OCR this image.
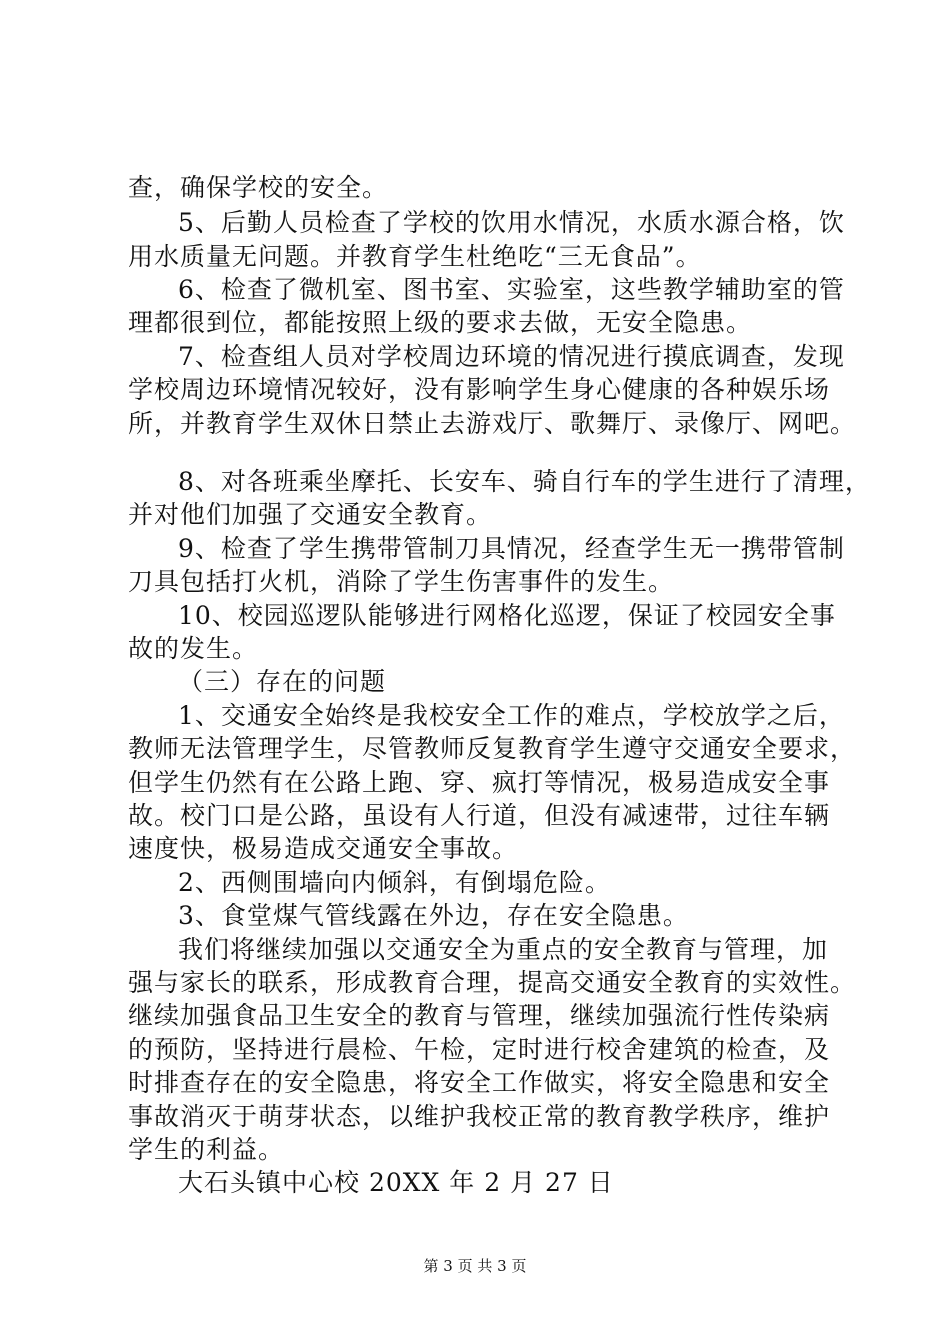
查，确保学校的安全。
5、后勤人员检查了学校的饮用水情况，水质水源合格，饮
用水质量无问题。并教育学生杜绝吃“三无食品”。
6、检查了微机室、图书室、实验室，这些教学辅助室的管
理都很到位，都能按照上级的要求去做，无安全隐患。
7、检查组人员对学校周边环境的情况进行摸底调查，发现
学校周边环境情况较好，没有影响学生身心健康的各种娱乐场
所，并教育学生双休日禁止去游戏厅、歌舞厅、录像厅、网吧。
8、对各班乘坐摩托、长安车、骑自行车的学生进行了清理，
并对他们加强了交通安全教育。
9、检查了学生携带管制刀具情况，经查学生无一携带管制
刀具包括打火机，消除了学生伤害事件的发生。
10、校园巡逻队能够进行网格化巡逻，保证了校园安全事
故的发生。
（三）存在的问题
1、交通安全始终是我校安全工作的难点，学校放学之后，
教师无法管理学生，尽管教师反复教育学生遵守交通安全要求，
但学生仍然有在公路上跑、穿、疯打等情况，极易造成安全事
故。校门口是公路，虽设有人行道，但没有减速带，过往车辆
速度快，极易造成交通安全事故。
2、西侧围墙向内倾斜，有倒塌危险。
3、食堂煤气管线露在外边，存在安全隐患。
我们将继续加强以交通安全为重点的安全教育与管理，加
强与家长的联系，形成教育合理，提高交通安全教育的实效性。
继续加强食品卫生安全的教育与管理，继续加强流行性传染病
的预防，坚持进行晨检、午检，定时进行校舍建筑的检查，及
时排查存在的安全隐患，将安全工作做实，将安全隐患和安全
事故消灭于萌芽状态，以维护我校正常的教育教学秩序，维护
学生的利益。
大石头镇中心校 20XX 年 2 月 27 日
第 3 页 共 3 页
